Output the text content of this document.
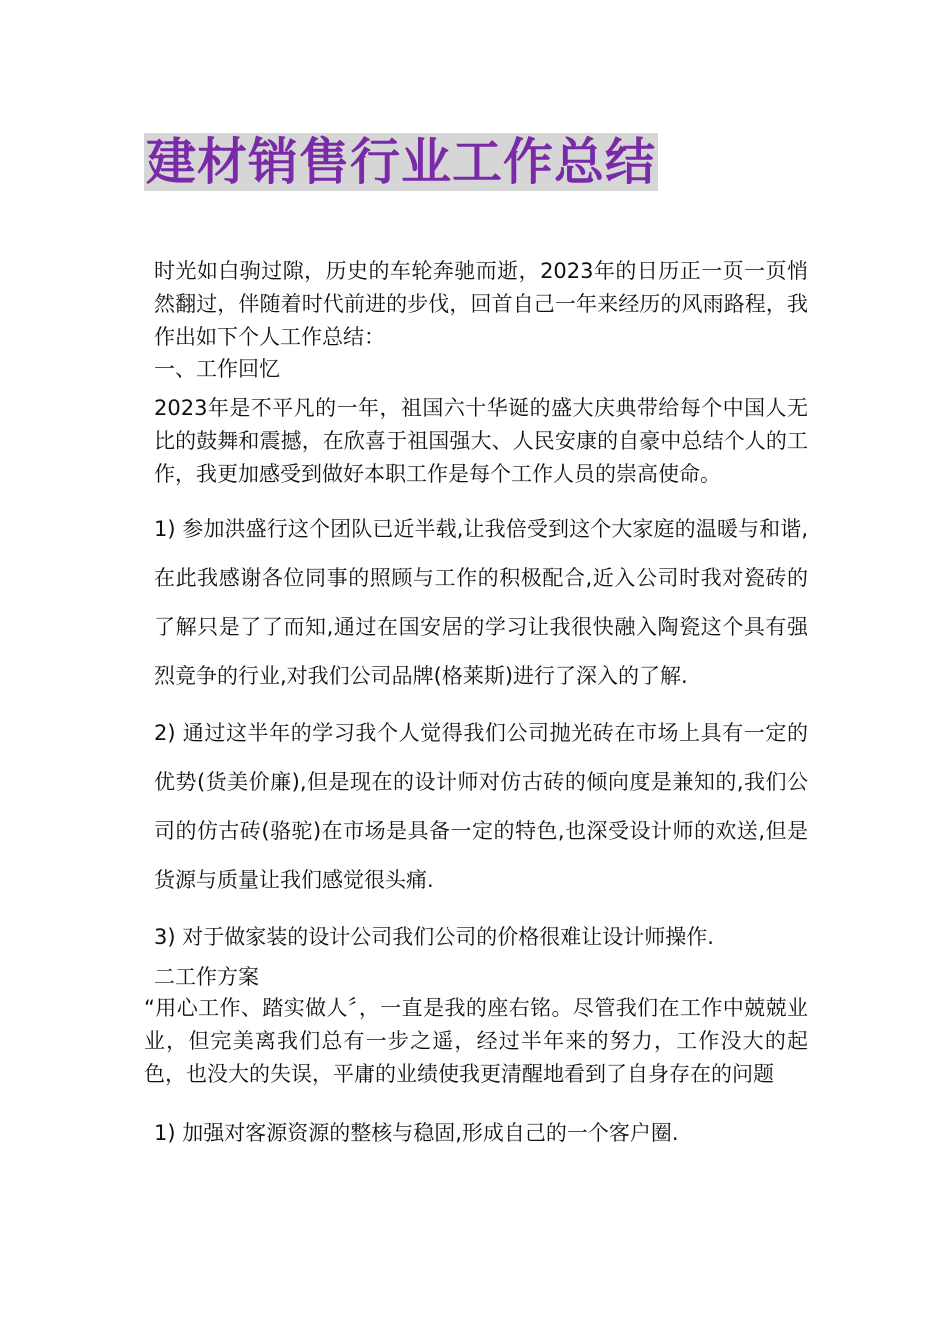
建材销售行业工作总结

时光如白驹过隙，历史的车轮奔驰而逝，2023年的日历正一页一页悄然翻过，伴随着时代前进的步伐，回首自己一年来经历的风雨路程，我作出如下个人工作总结：

一、工作回忆

2023年是不平凡的一年，祖国六十华诞的盛大庆典带给每个中国人无比的鼓舞和震撼，在欣喜于祖国强大、人民安康的自豪中总结个人的工作，我更加感受到做好本职工作是每个工作人员的崇高使命。

1) 参加洪盛行这个团队已近半载,让我倍受到这个大家庭的温暖与和谐,在此我感谢各位同事的照顾与工作的积极配合,近入公司时我对瓷砖的了解只是了了而知,通过在国安居的学习让我很快融入陶瓷这个具有强烈竟争的行业,对我们公司品牌(格莱斯)进行了深入的了解.

2) 通过这半年的学习我个人觉得我们公司抛光砖在市场上具有一定的优势(货美价廉),但是现在的设计师对仿古砖的倾向度是兼知的,我们公司的仿古砖(骆驼)在市场是具备一定的特色,也深受设计师的欢送,但是货源与质量让我们感觉很头痛.

3) 对于做家装的设计公司我们公司的价格很难让设计师操作.

二工作方案

“用心工作、踏实做人〞，一直是我的座右铭。尽管我们在工作中兢兢业业，但完美离我们总有一步之遥，经过半年来的努力，工作没大的起色，也没大的失误，平庸的业绩使我更清醒地看到了自身存在的问题

1) 加强对客源资源的整核与稳固,形成自己的一个客户圈.
